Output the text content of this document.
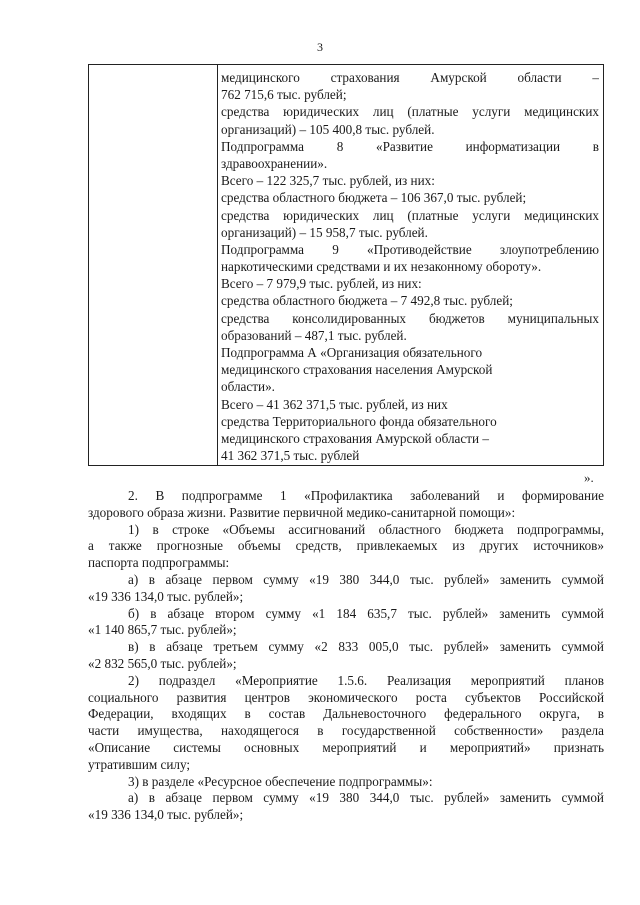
3
медицинского страхования Амурской области –
762 715,6 тыс. рублей;
средства юридических лиц (платные услуги медицинских
организаций) – 105 400,8 тыс. рублей.
Подпрограмма 8 «Развитие информатизации в
здравоохранении».
Всего – 122 325,7 тыс. рублей, из них:
средства областного бюджета – 106 367,0 тыс. рублей;
средства юридических лиц (платные услуги медицинских
организаций) – 15 958,7 тыс. рублей.
Подпрограмма 9 «Противодействие злоупотреблению
наркотическими средствами и их незаконному обороту».
Всего – 7 979,9 тыс. рублей, из них:
средства областного бюджета – 7 492,8 тыс. рублей;
средства консолидированных бюджетов муниципальных
образований – 487,1 тыс. рублей.
Подпрограмма А «Организация обязательного
медицинского страхования населения Амурской
области».
Всего – 41 362 371,5 тыс. рублей, из них
средства Территориального фонда обязательного
медицинского страхования Амурской области –
41 362 371,5 тыс. рублей
».
2. В подпрограмме 1 «Профилактика заболеваний и формирование
здорового образа жизни. Развитие первичной медико-санитарной помощи»:
1) в строке «Объемы ассигнований областного бюджета подпрограммы,
а также прогнозные объемы средств, привлекаемых из других источников»
паспорта подпрограммы:
а) в абзаце первом сумму «19 380 344,0 тыс. рублей» заменить суммой
«19 336 134,0 тыс. рублей»;
б) в абзаце втором сумму «1 184 635,7 тыс. рублей» заменить суммой
«1 140 865,7 тыс. рублей»;
в) в абзаце третьем сумму «2 833 005,0 тыс. рублей» заменить суммой
«2 832 565,0 тыс. рублей»;
2) подраздел «Мероприятие 1.5.6. Реализация мероприятий планов
социального развития центров экономического роста субъектов Российской
Федерации, входящих в состав Дальневосточного федерального округа, в
части имущества, находящегося в государственной собственности» раздела
«Описание системы основных мероприятий и мероприятий» признать
утратившим силу;
3) в разделе «Ресурсное обеспечение подпрограммы»:
а) в абзаце первом сумму «19 380 344,0 тыс. рублей» заменить суммой
«19 336 134,0 тыс. рублей»;
